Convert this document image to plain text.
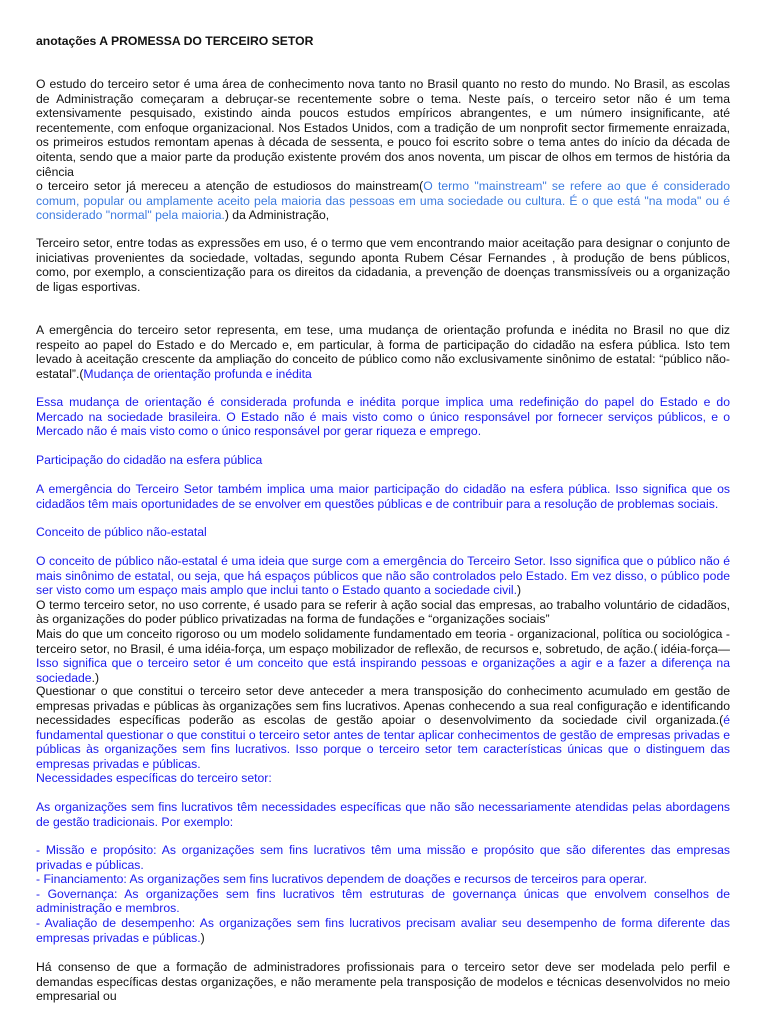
anotações A PROMESSA DO TERCEIRO SETOR

O estudo do terceiro setor é uma área de conhecimento nova tanto no Brasil quanto no resto do mundo. No Brasil, as escolas de Administração começaram a debruçar-se recentemente sobre o tema. Neste país, o terceiro setor não é um tema extensivamente pesquisado, existindo ainda poucos estudos empíricos abrangentes, e um número insignificante, até recentemente, com enfoque organizacional. Nos Estados Unidos, com a tradição de um nonprofit sector firmemente enraizada, os primeiros estudos remontam apenas à década de sessenta, e pouco foi escrito sobre o tema antes do início da década de oitenta, sendo que a maior parte da produção existente provém dos anos noventa, um piscar de olhos em termos de história da ciência

o terceiro setor já mereceu a atenção de estudiosos do mainstream(O termo "mainstream" se refere ao que é considerado comum, popular ou amplamente aceito pela maioria das pessoas em uma sociedade ou cultura. É o que está "na moda" ou é considerado "normal" pela maioria.) da Administração,

Terceiro setor, entre todas as expressões em uso, é o termo que vem encontrando maior aceitação para designar o conjunto de iniciativas provenientes da sociedade, voltadas, segundo aponta Rubem César Fernandes , à produção de bens públicos, como, por exemplo, a conscientização para os direitos da cidadania, a prevenção de doenças transmissíveis ou a organização de ligas esportivas.

A emergência do terceiro setor representa, em tese, uma mudança de orientação profunda e inédita no Brasil no que diz respeito ao papel do Estado e do Mercado e, em particular, à forma de participação do cidadão na esfera pública. Isto tem levado à aceitação crescente da ampliação do conceito de público como não exclusivamente sinônimo de estatal: “público não-estatal”.(Mudança de orientação profunda e inédita

Essa mudança de orientação é considerada profunda e inédita porque implica uma redefinição do papel do Estado e do Mercado na sociedade brasileira. O Estado não é mais visto como o único responsável por fornecer serviços públicos, e o Mercado não é mais visto como o único responsável por gerar riqueza e emprego.

Participação do cidadão na esfera pública

A emergência do Terceiro Setor também implica uma maior participação do cidadão na esfera pública. Isso significa que os cidadãos têm mais oportunidades de se envolver em questões públicas e de contribuir para a resolução de problemas sociais.

Conceito de público não-estatal

O conceito de público não-estatal é uma ideia que surge com a emergência do Terceiro Setor. Isso significa que o público não é mais sinônimo de estatal, ou seja, que há espaços públicos que não são controlados pelo Estado. Em vez disso, o público pode ser visto como um espaço mais amplo que inclui tanto o Estado quanto a sociedade civil.)
O termo terceiro setor, no uso corrente, é usado para se referir à ação social das empresas, ao trabalho voluntário de cidadãos, às organizações do poder público privatizadas na forma de fundações e “organizações sociais”
Mais do que um conceito rigoroso ou um modelo solidamente fundamentado em teoria - organizacional, política ou sociológica - terceiro setor, no Brasil, é uma idéia-força, um espaço mobilizador de reflexão, de recursos e, sobretudo, de ação.( idéia-força— Isso significa que o terceiro setor é um conceito que está inspirando pessoas e organizações a agir e a fazer a diferença na sociedade.)

Questionar o que constitui o terceiro setor deve anteceder a mera transposição do conhecimento acumulado em gestão de empresas privadas e públicas às organizações sem fins lucrativos. Apenas conhecendo a sua real configuração e identificando necessidades específicas poderão as escolas de gestão apoiar o desenvolvimento da sociedade civil organizada.(é fundamental questionar o que constitui o terceiro setor antes de tentar aplicar conhecimentos de gestão de empresas privadas e públicas às organizações sem fins lucrativos. Isso porque o terceiro setor tem características únicas que o distinguem das empresas privadas e públicas.

Necessidades específicas do terceiro setor:

As organizações sem fins lucrativos têm necessidades específicas que não são necessariamente atendidas pelas abordagens de gestão tradicionais. Por exemplo:

- Missão e propósito: As organizações sem fins lucrativos têm uma missão e propósito que são diferentes das empresas privadas e públicas.
- Financiamento: As organizações sem fins lucrativos dependem de doações e recursos de terceiros para operar.
- Governança: As organizações sem fins lucrativos têm estruturas de governança únicas que envolvem conselhos de administração e membros.
- Avaliação de desempenho: As organizações sem fins lucrativos precisam avaliar seu desempenho de forma diferente das empresas privadas e públicas.)

Há consenso de que a formação de administradores profissionais para o terceiro setor deve ser modelada pelo perfil e demandas específicas destas organizações, e não meramente pela transposição de modelos e técnicas desenvolvidos no meio empresarial ou
